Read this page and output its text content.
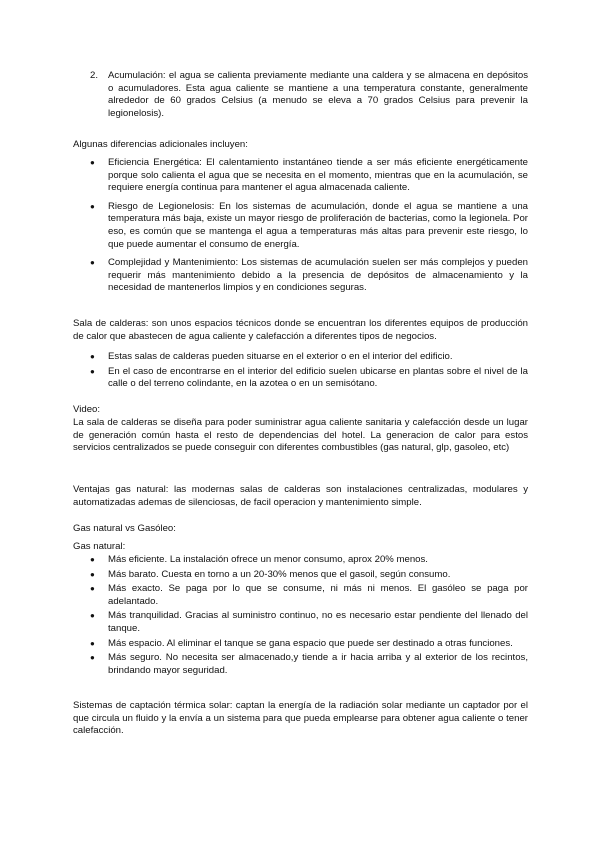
2. Acumulación: el agua se calienta previamente mediante una caldera y se almacena en depósitos o acumuladores. Esta agua caliente se mantiene a una temperatura constante, generalmente alrededor de 60 grados Celsius (a menudo se eleva a 70 grados Celsius para prevenir la legionelosis).

Algunas diferencias adicionales incluyen:

● Eficiencia Energética: El calentamiento instantáneo tiende a ser más eficiente energéticamente porque solo calienta el agua que se necesita en el momento, mientras que en la acumulación, se requiere energía continua para mantener el agua almacenada caliente.

● Riesgo de Legionelosis: En los sistemas de acumulación, donde el agua se mantiene a una temperatura más baja, existe un mayor riesgo de proliferación de bacterias, como la legionela. Por eso, es común que se mantenga el agua a temperaturas más altas para prevenir este riesgo, lo que puede aumentar el consumo de energía.

● Complejidad y Mantenimiento: Los sistemas de acumulación suelen ser más complejos y pueden requerir más mantenimiento debido a la presencia de depósitos de almacenamiento y la necesidad de mantenerlos limpios y en condiciones seguras.

Sala de calderas: son unos espacios técnicos donde se encuentran los diferentes equipos de producción de calor que abastecen de agua caliente y calefacción a diferentes tipos de negocios.

● Estas salas de calderas pueden situarse en el exterior o en el interior del edificio.

● En el caso de encontrarse en el interior del edificio suelen ubicarse en plantas sobre el nivel de la calle o del terreno colindante, en la azotea o en un semisótano.

Video:

La sala de calderas se diseña para poder suministrar agua caliente sanitaria y calefacción desde un lugar de generación común hasta el resto de dependencias del hotel. La generacion de calor para estos servicios centralizados se puede conseguir con diferentes combustibles (gas natural, glp, gasoleo, etc)

Ventajas gas natural: las modernas salas de calderas son instalaciones centralizadas, modulares y automatizadas ademas de silenciosas, de facil operacion y mantenimiento simple.

Gas natural vs Gasóleo:

Gas natural:

● Más eficiente. La instalación ofrece un menor consumo, aprox 20% menos.

● Más barato. Cuesta en torno a un 20-30% menos que el gasoil, según consumo.

● Más exacto. Se paga por lo que se consume, ni más ni menos. El gasóleo se paga por adelantado.

● Más tranquilidad. Gracias al suministro continuo, no es necesario estar pendiente del llenado del tanque.

● Más espacio. Al eliminar el tanque se gana espacio que puede ser destinado a otras funciones.

● Más seguro. No necesita ser almacenado,y tiende a ir hacia arriba y al exterior de los recintos, brindando mayor seguridad.

Sistemas de captación térmica solar: captan la energía de la radiación solar mediante un captador por el que circula un fluido y la envía a un sistema para que pueda emplearse para obtener agua caliente o tener calefacción.
